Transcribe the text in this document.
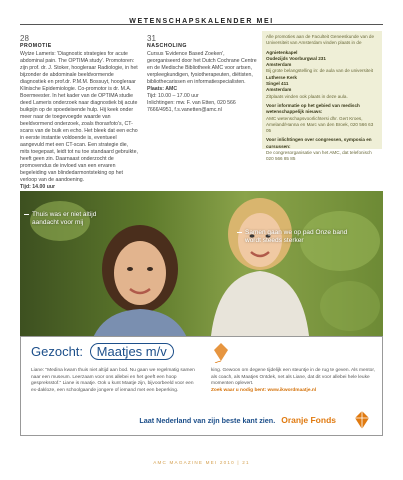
WETENSCHAPSKALENDER MEI
28
PROMOTIE

Wytze Lameris: 'Diagnostic strategies for acute abdominal pain. The OPTIMA study'. Promotoren: zijn prof. dr. J. Stoker, hoogleraar Radiologie, in het bijzonder de abdominale beeldvormende diagnostiek en prof.dr. P.M.M. Bossuyt, hoogleraar Klinische Epidemiologie. Co-promotor is dr. M.A. Boermeester. In het kader van de OPTIMA studie deed Lameris onderzoek naar diagnostiek bij acute buikpijn op de spoedeisende hulp. Hij keek onder meer naar de toegevoegde waarde van beeldvormend onderzoek, zoals thoraxfoto's, CT-scans van de buik en echo. Het bleek dat een echo in eerste instantie voldoende is, eventueel aangevuld met een CT-scan. Een strategie die, mits toegepast, leidt tot nu toe standaard gebruikte, heeft geen zin. Daarnaast onderzocht de promovendus de invloed van een ervaren begeleiding van blindedarmontsteking op het verloop van de aandoening.

Tijd: 14.00 uur

31
NASCHOLING

Cursus 'Evidence Based Zoeken', georganiseerd door het Dutch Cochrane Centre en de Medische Bibliotheek AMC voor artsen, verpleegkundigen, fysiotherapeuten, diëtisten, bibliothecarissen en informatiespecialisten.

Plaats: AMC

Tijd: 10.00 – 17.00 uur

Inlichtingen: mw. F. van Etten, 020 566 7666/4951, f.s.vanetten@amc.nl

Alle promoties aan de Faculteit Geneeskunde van de Universiteit van Amsterdam vinden plaats in de
Agnietenkapel
Oudezijds Voorburgwal 231
Amsterdam
Bij grote belangstelling in: de aula van de universiteit
Lutherse Kerk
Singel 411
Amsterdam
Zitplaats vinden ook plaats in deze aula.
Voor informatie op het gebied van medisch wetenschappelijk nieuws:
AMC wetenschapsvoorlichtersi dhr. Gert Kroes, Ameland/Hanna en Marc van den Broek, 020 566 63 05
Voor inlichtingen over congressen, symposia en cursussen:
De congresorganisatie van het AMC, dat telefonisch 020 566 85 85
Thuis was er niet altijd aandacht voor mij
Samen gaan we op pad Onze band wordt steeds sterker
Gezocht: Maatjes m/v

Liane: "Medina kwam thuis niet altijd aan bod. Nu gaan we regelmatig samen naar een museum. Leerzaam voor ons allebei en het geeft een hoop gespreksstof." Liane is maatje. Ook u kunt Maatje zijn, bijvoorbeeld voor een ex-dakloze, een schoolgaande jongere of iemand met een beperking.

king. Gewoon om degene tijdelijk een steuntje in de rug te geven. Als mentor, als coach, als Maatjes Ontdek, net als Liane, dat dit voor allebei hele leuke momenten oplevert.

Zoek waar u nodig bent: www.ikwordmaatje.nl

Laat Nederland van zijn beste kant zien. Oranje Fonds
AMC MAGAZINE MEI 2010 | 21
